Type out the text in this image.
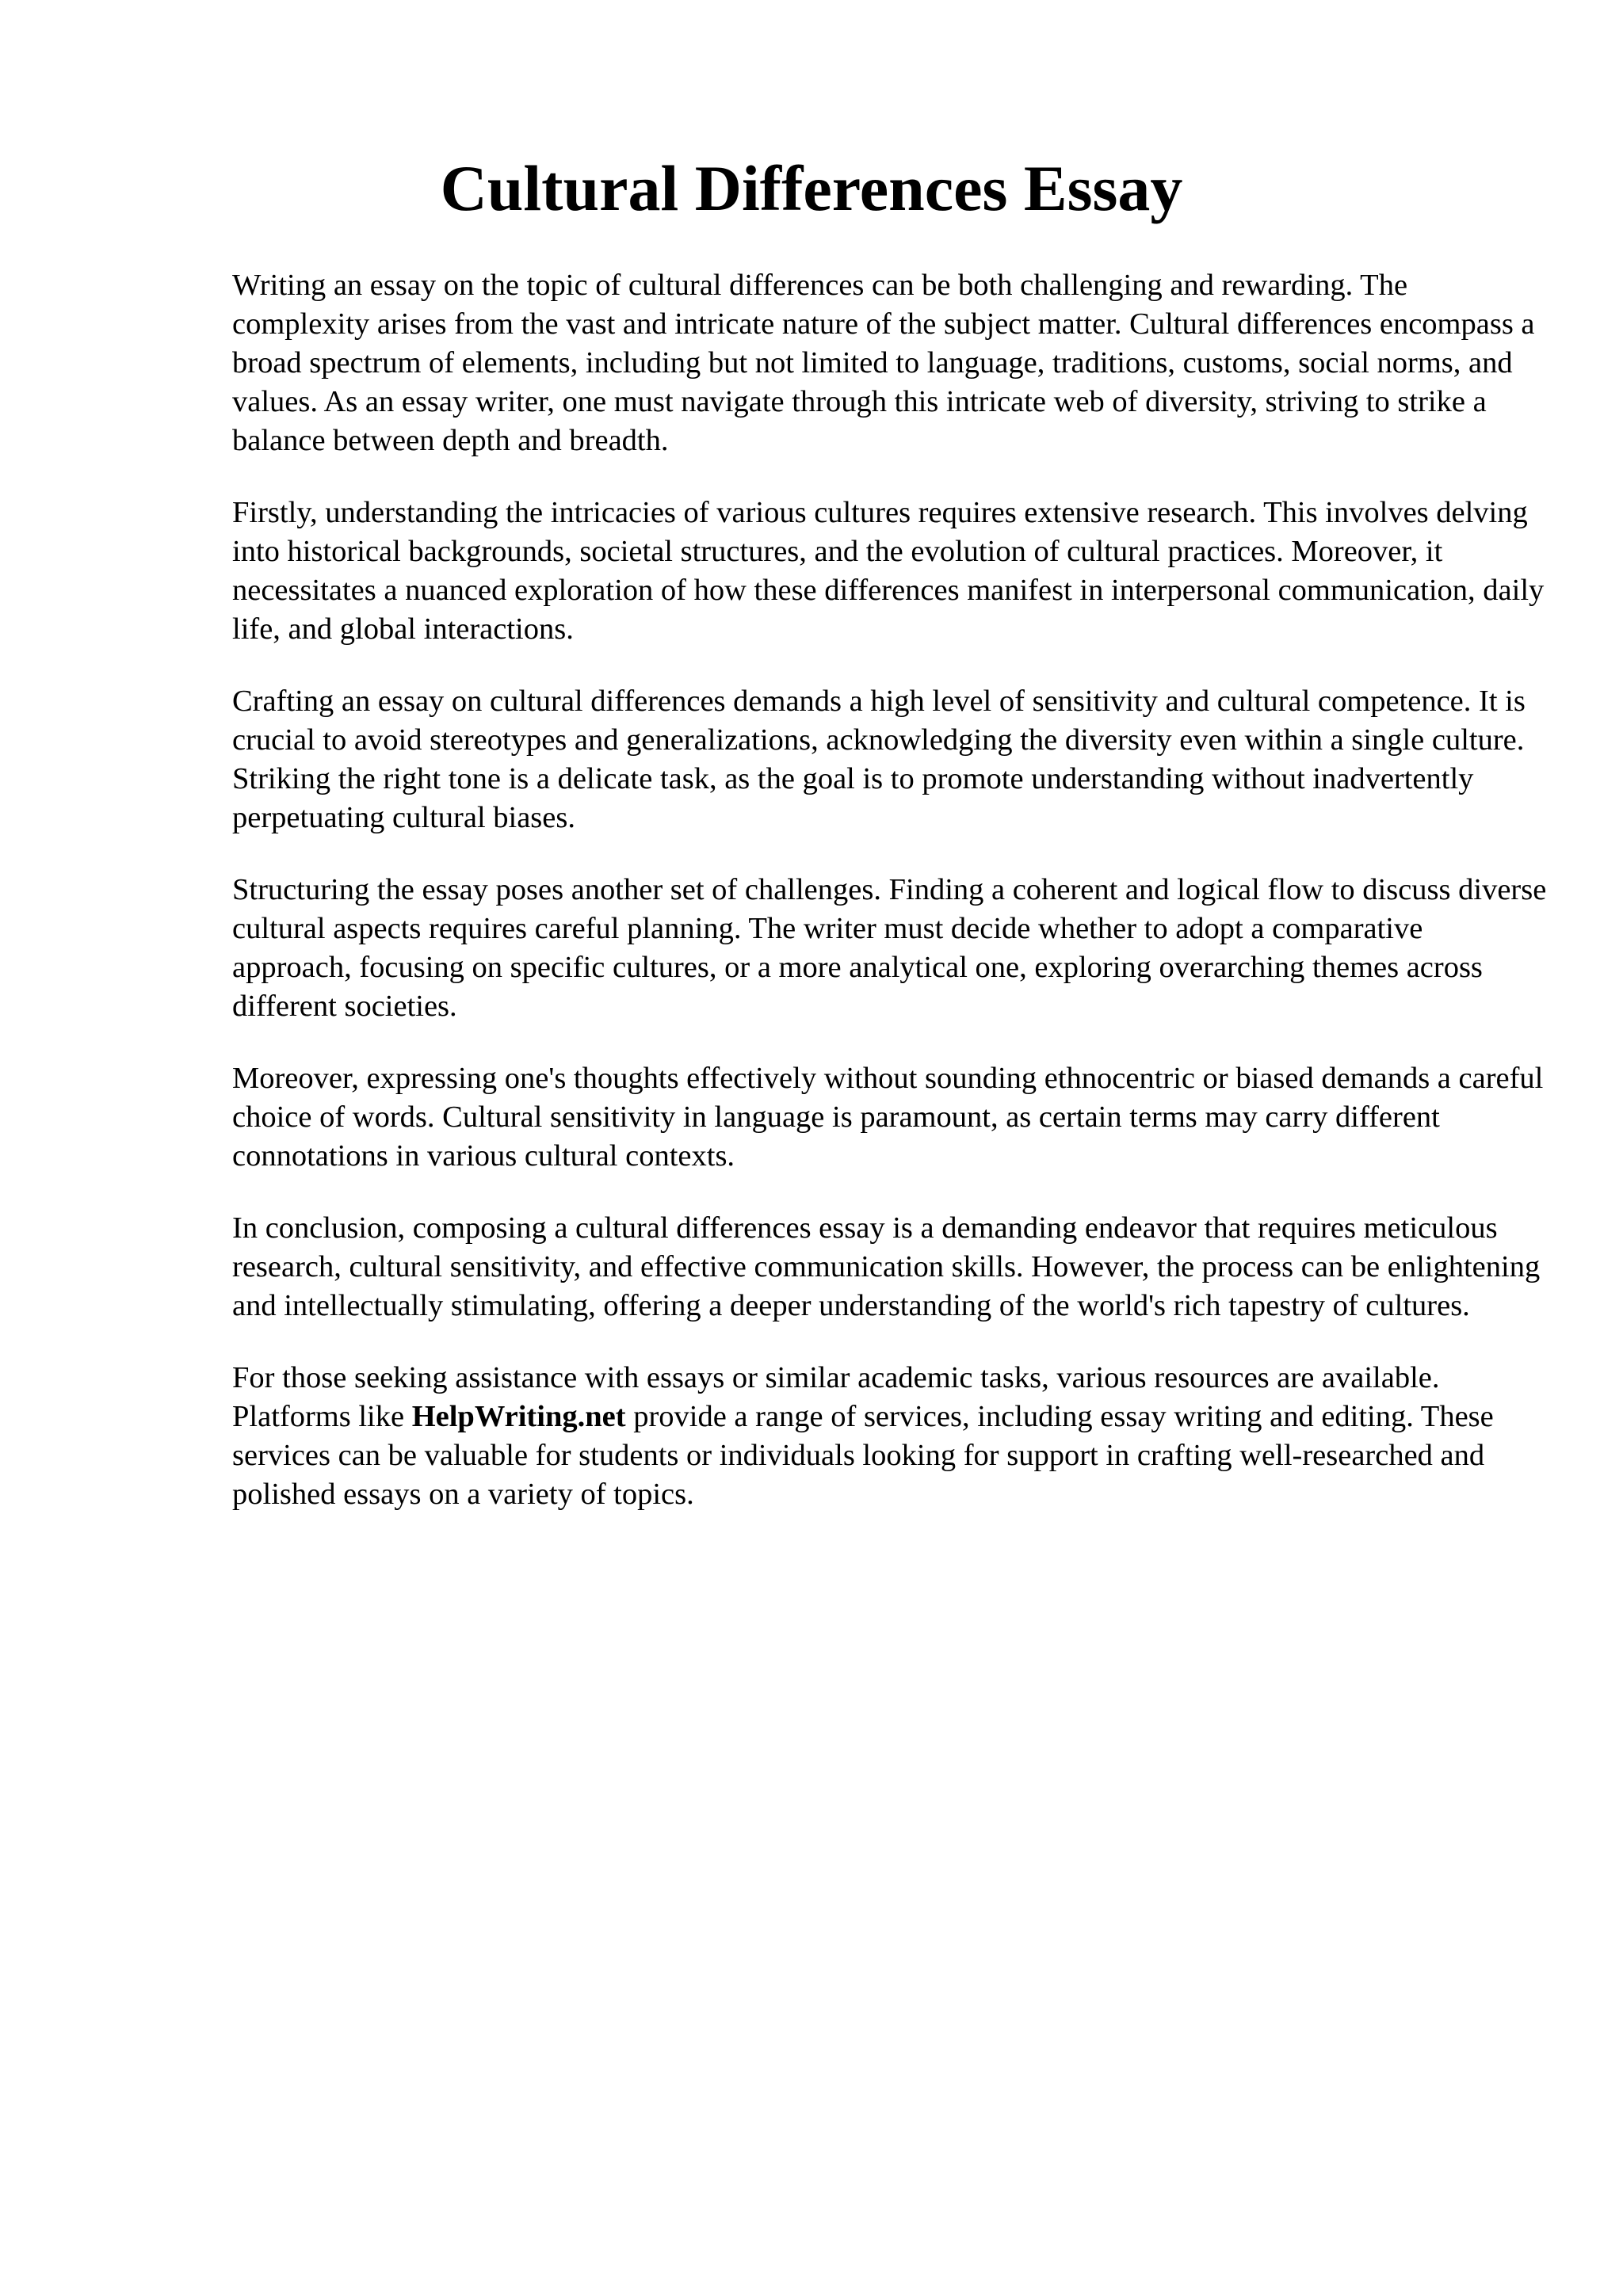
Cultural Differences Essay

Writing an essay on the topic of cultural differences can be both challenging and rewarding. The complexity arises from the vast and intricate nature of the subject matter. Cultural differences encompass a broad spectrum of elements, including but not limited to language, traditions, customs, social norms, and values. As an essay writer, one must navigate through this intricate web of diversity, striving to strike a balance between depth and breadth.

Firstly, understanding the intricacies of various cultures requires extensive research. This involves delving into historical backgrounds, societal structures, and the evolution of cultural practices. Moreover, it necessitates a nuanced exploration of how these differences manifest in interpersonal communication, daily life, and global interactions.

Crafting an essay on cultural differences demands a high level of sensitivity and cultural competence. It is crucial to avoid stereotypes and generalizations, acknowledging the diversity even within a single culture. Striking the right tone is a delicate task, as the goal is to promote understanding without inadvertently perpetuating cultural biases.

Structuring the essay poses another set of challenges. Finding a coherent and logical flow to discuss diverse cultural aspects requires careful planning. The writer must decide whether to adopt a comparative approach, focusing on specific cultures, or a more analytical one, exploring overarching themes across different societies.

Moreover, expressing one's thoughts effectively without sounding ethnocentric or biased demands a careful choice of words. Cultural sensitivity in language is paramount, as certain terms may carry different connotations in various cultural contexts.

In conclusion, composing a cultural differences essay is a demanding endeavor that requires meticulous research, cultural sensitivity, and effective communication skills. However, the process can be enlightening and intellectually stimulating, offering a deeper understanding of the world's rich tapestry of cultures.

For those seeking assistance with essays or similar academic tasks, various resources are available. Platforms like HelpWriting.net provide a range of services, including essay writing and editing. These services can be valuable for students or individuals looking for support in crafting well-researched and polished essays on a variety of topics.
